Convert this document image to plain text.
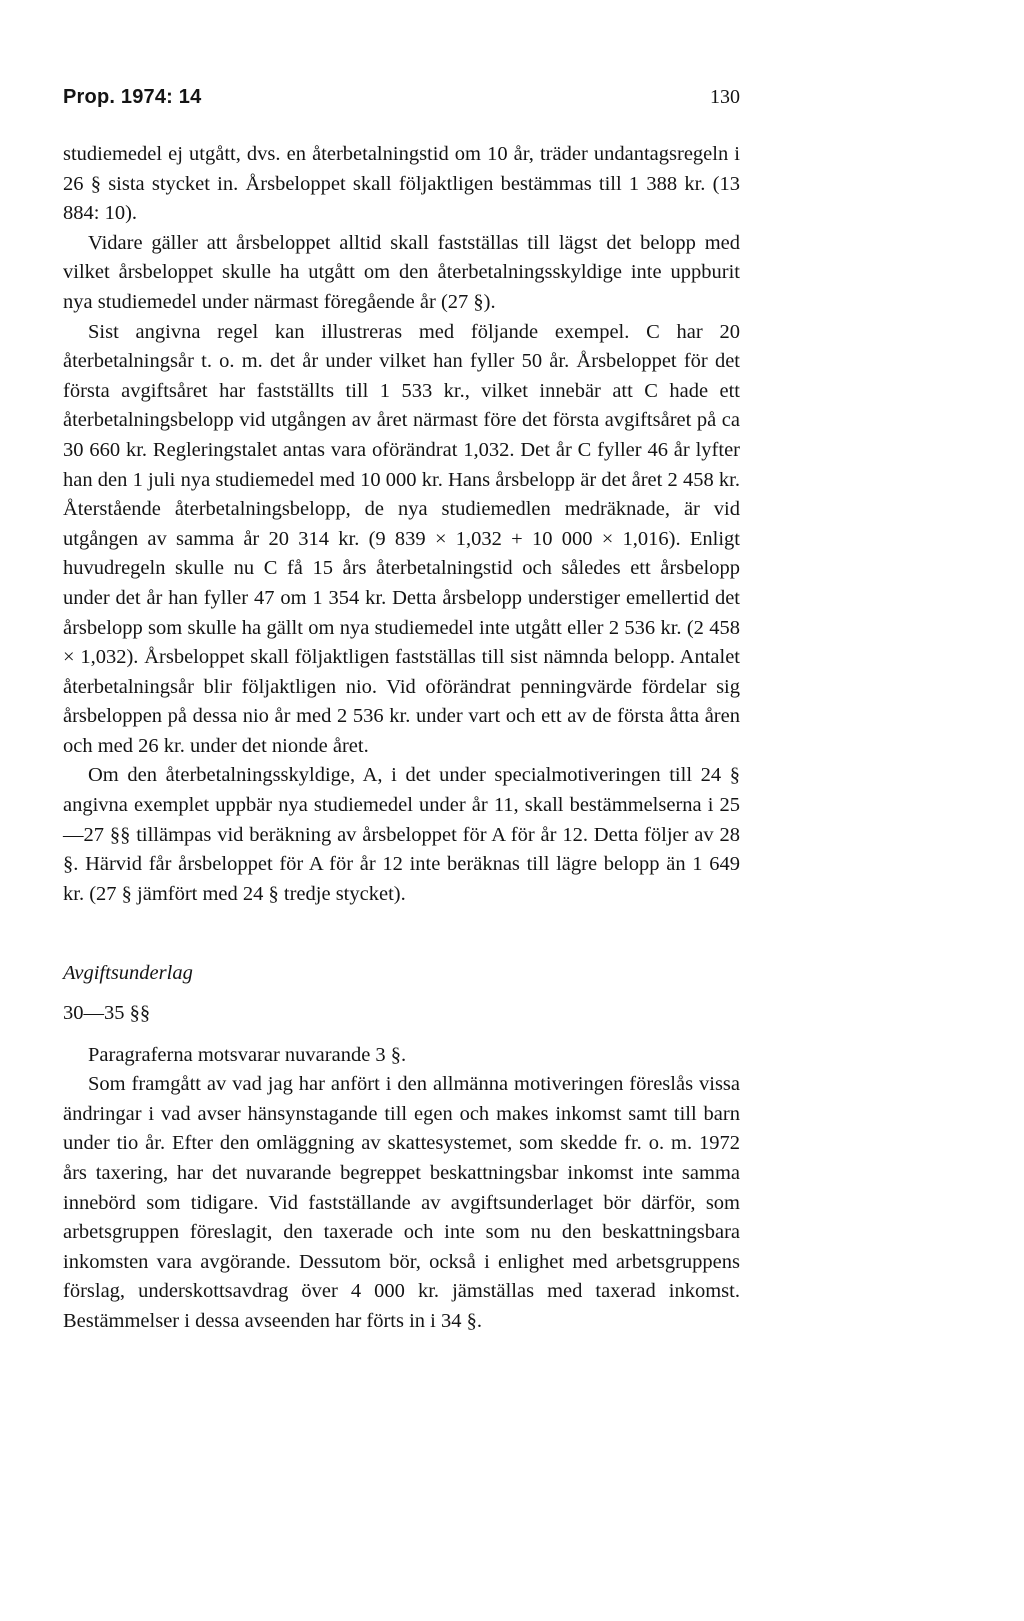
Prop. 1974: 14	130

studiemedel ej utgått, dvs. en återbetalningstid om 10 år, träder undantagsregeln i 26 § sista stycket in. Årsbeloppet skall följaktligen bestämmas till 1 388 kr. (13 884: 10).

Vidare gäller att årsbeloppet alltid skall fastställas till lägst det belopp med vilket årsbeloppet skulle ha utgått om den återbetalningsskyldige inte uppburit nya studiemedel under närmast föregående år (27 §).

Sist angivna regel kan illustreras med följande exempel. C har 20 återbetalningsår t. o. m. det år under vilket han fyller 50 år. Årsbeloppet för det första avgiftsåret har fastställts till 1 533 kr., vilket innebär att C hade ett återbetalningsbelopp vid utgången av året närmast före det första avgiftsåret på ca 30 660 kr. Regleringstalet antas vara oförändrat 1,032. Det år C fyller 46 år lyfter han den 1 juli nya studiemedel med 10 000 kr. Hans årsbelopp är det året 2 458 kr. Återstående återbetalningsbelopp, de nya studiemedlen medräknade, är vid utgången av samma år 20 314 kr. (9 839 × 1,032 + 10 000 × 1,016). Enligt huvudregeln skulle nu C få 15 års återbetalningstid och således ett årsbelopp under det år han fyller 47 om 1 354 kr. Detta årsbelopp understiger emellertid det årsbelopp som skulle ha gällt om nya studiemedel inte utgått eller 2 536 kr. (2 458 × 1,032). Årsbeloppet skall följaktligen fastställas till sist nämnda belopp. Antalet återbetalningsår blir följaktligen nio. Vid oförändrat penningvärde fördelar sig årsbeloppen på dessa nio år med 2 536 kr. under vart och ett av de första åtta åren och med 26 kr. under det nionde året.

Om den återbetalningsskyldige, A, i det under specialmotiveringen till 24 § angivna exemplet uppbär nya studiemedel under år 11, skall bestämmelserna i 25—27 §§ tillämpas vid beräkning av årsbeloppet för A för år 12. Detta följer av 28 §. Härvid får årsbeloppet för A för år 12 inte beräknas till lägre belopp än 1 649 kr. (27 § jämfört med 24 § tredje stycket).

Avgiftsunderlag

30—35 §§

Paragraferna motsvarar nuvarande 3 §.

Som framgått av vad jag har anfört i den allmänna motiveringen föreslås vissa ändringar i vad avser hänsynstagande till egen och makes inkomst samt till barn under tio år. Efter den omläggning av skattesystemet, som skedde fr. o. m. 1972 års taxering, har det nuvarande begreppet beskattningsbar inkomst inte samma innebörd som tidigare. Vid fastställande av avgiftsunderlaget bör därför, som arbetsgruppen föreslagit, den taxerade och inte som nu den beskattningsbara inkomsten vara avgörande. Dessutom bör, också i enlighet med arbetsgruppens förslag, underskottsavdrag över 4 000 kr. jämställas med taxerad inkomst. Bestämmelser i dessa avseenden har förts in i 34 §.
